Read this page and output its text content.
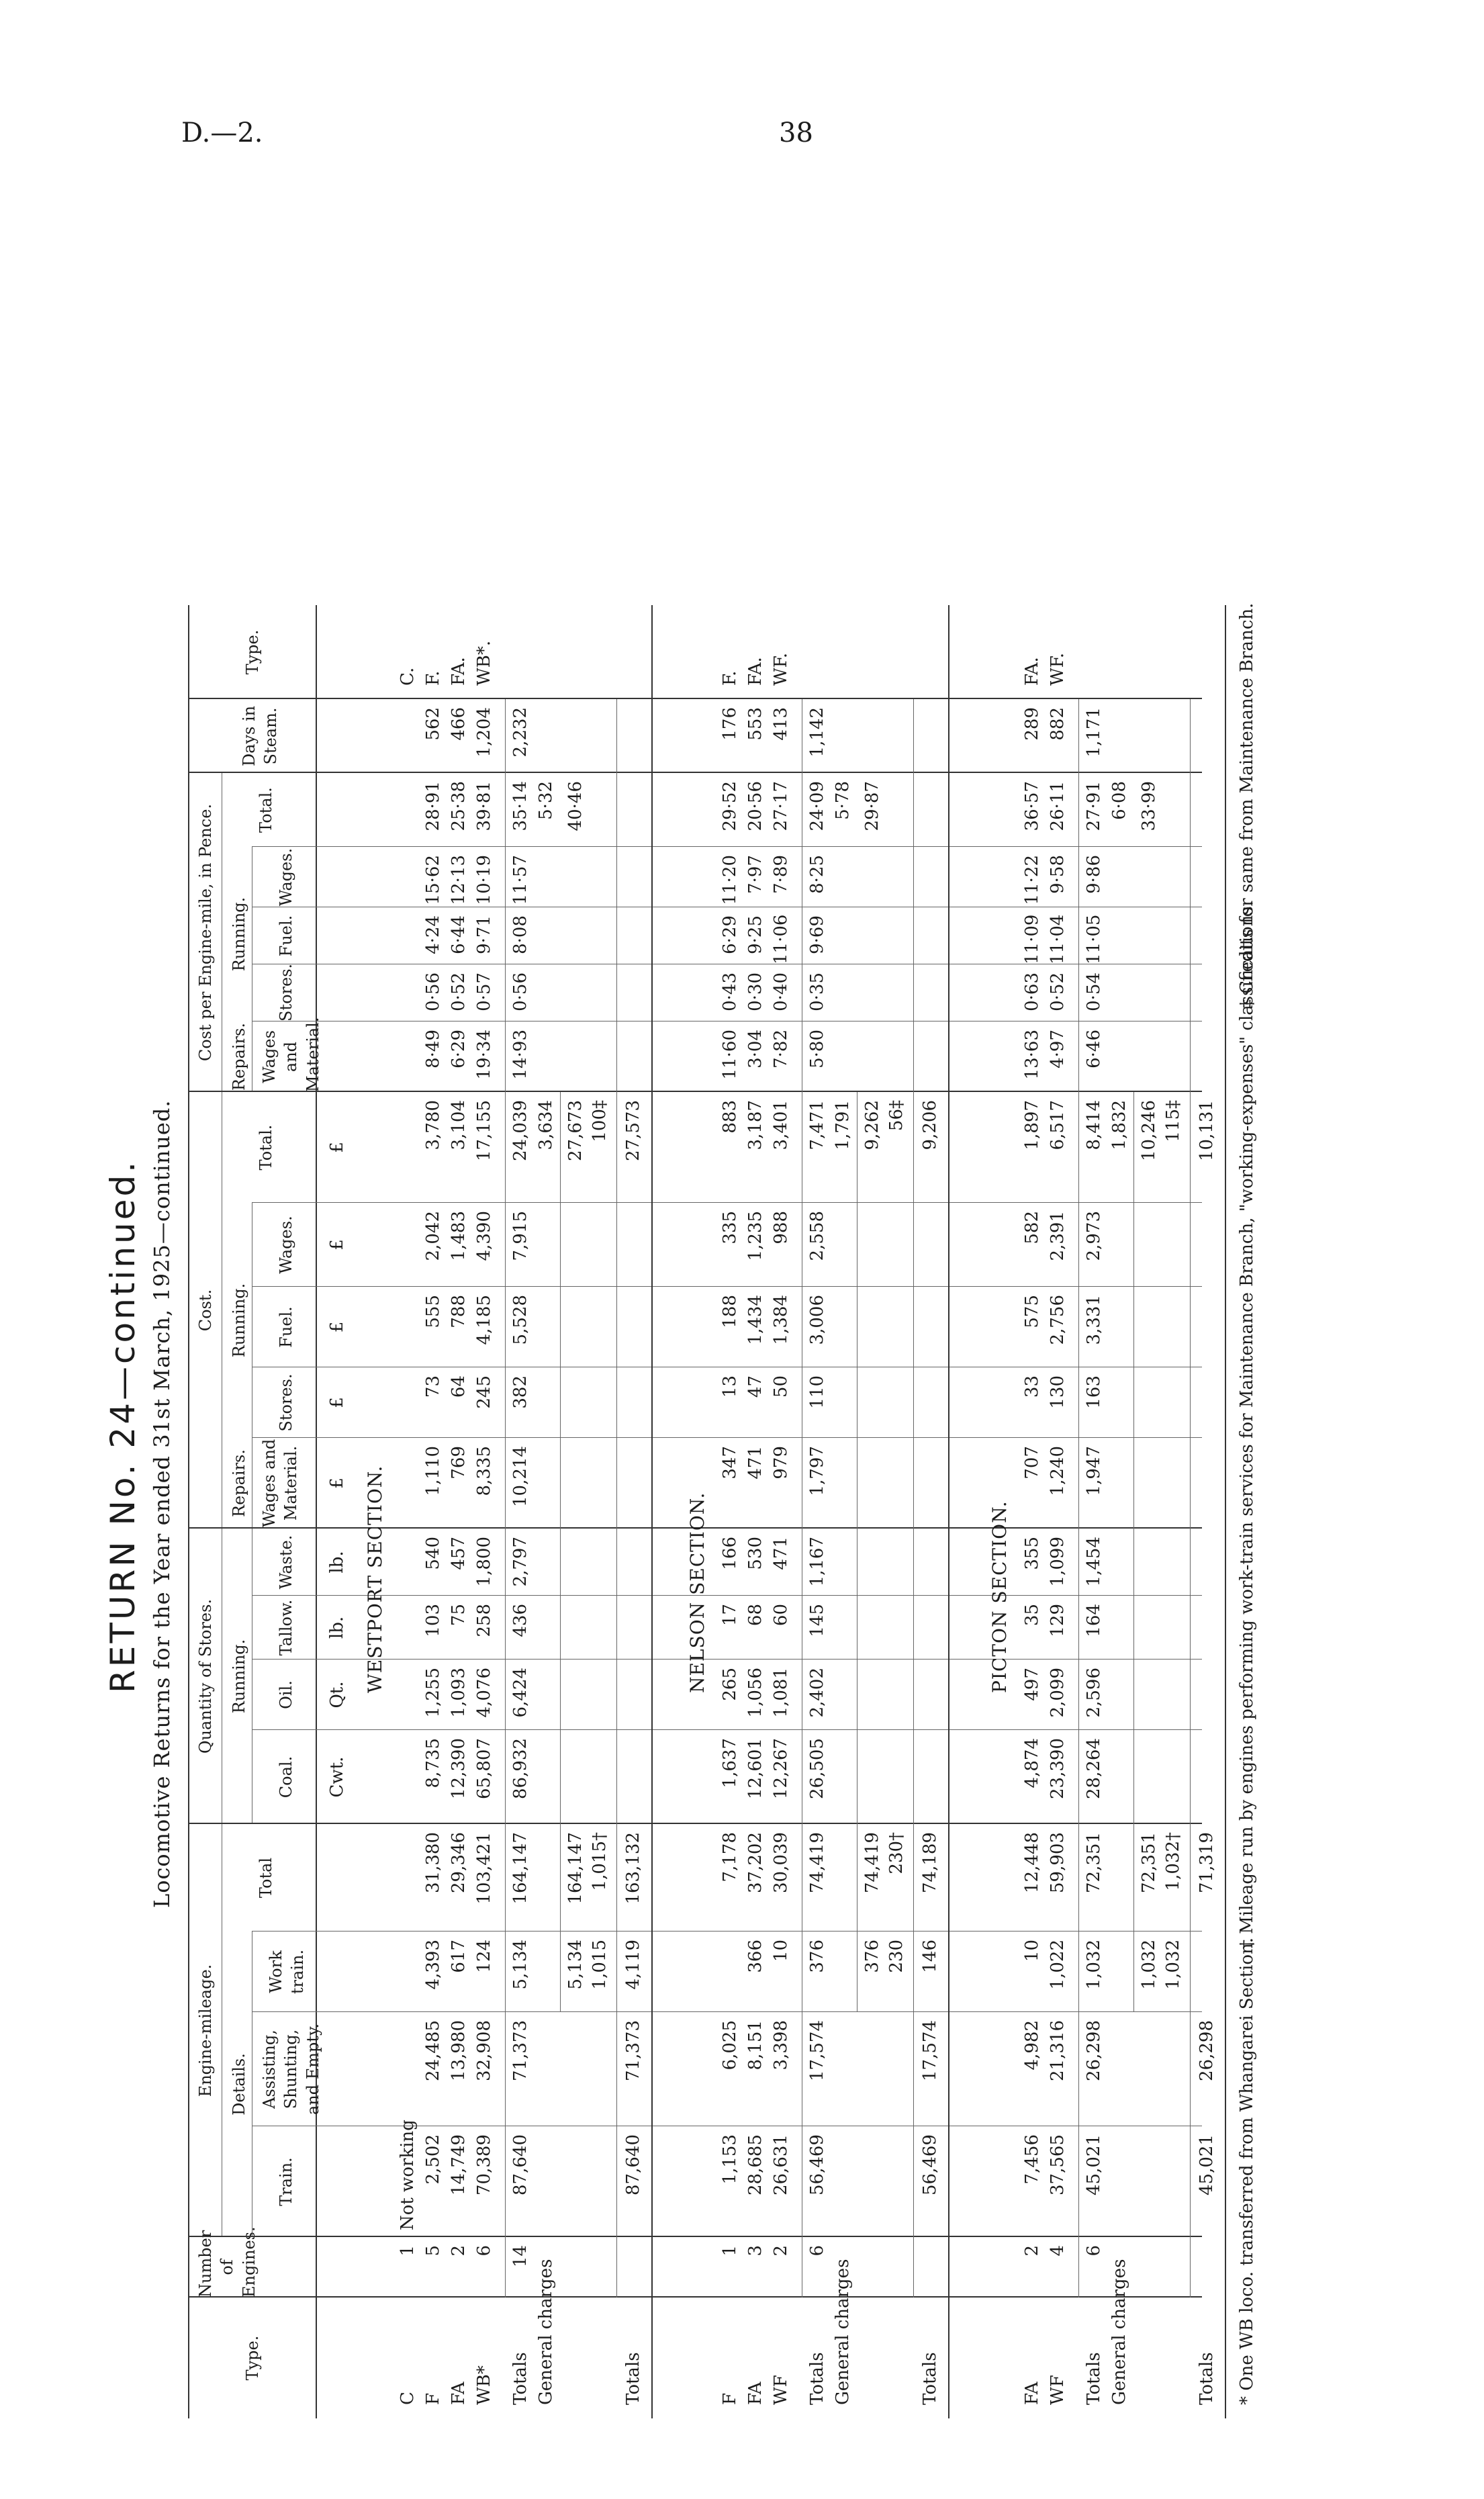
D.—2.	38
RETURN No. 24—continued. Locomotive Returns for the Year ended 31st March, 1925—continued.
Type.
Number of Engines.
Engine-mileage. Details.
Train.
Assisting, Shunting, and Empty.
Work train.
Total
Quantity of Stores. Running.
Coal.
Oil.
Tallow.
Waste.
Cost.
Repairs.
Running.
Wages and Material.
Stores.
Fuel.
Wages.
Total.
Cost per Engine-mile, in Pence. Repairs.
Running.
Wages and Material.
Stores.
Fuel.
Wages.
Total.
Days in Steam.
Type.
Cwt.
Qt.
lb.
lb.
£
£
£
£
£
WESTPORT SECTION.
C
1
Not working
C.
F
5
2,502
24,485
4,393
31,380
8,735
1,255
103
540
1,110
73
555
2,042
3,780
8·49
0·56
4·24
15·62
28·91
562
F.
FA
2
14,749
13,980
617
29,346
12,390
1,093
75
457
769
64
788
1,483
3,104
6·29
0·52
6·44
12·13
25·38
466
FA.
WB*
6
70,389
32,908
124
103,421
65,807
4,076
258
1,800
8,335
245
4,185
4,390
17,155
19·34
0·57
9·71
10·19
39·81
1,204
WB*.
Totals
14
87,640
71,373
5,134
164,147
86,932
6,424
436
2,797
10,214
382
5,528
7,915
24,039
14·93
0·56
8·08
11·57
35·14
2,232
General charges
3,634
5·32
5,134
164,147
27,673
40·46
1,015
1,015†
100‡
Totals
87,640
71,373
4,119
163,132
27,573
NELSON SECTION.
F
1
1,153
6,025
7,178
1,637
265
17
166
347
13
188
335
883
11·60
0·43
6·29
11·20
29·52
176
F.
FA
3
28,685
8,151
366
37,202
12,601
1,056
68
530
471
47
1,434
1,235
3,187
3·04
0·30
9·25
7·97
20·56
553
FA.
WF
2
26,631
3,398
10
30,039
12,267
1,081
60
471
979
50
1,384
988
3,401
7·82
0·40
11·06
7·89
27·17
413
WF.
Totals
6
56,469
17,574
376
74,419
26,505
2,402
145
1,167
1,797
110
3,006
2,558
7,471
5·80
0·35
9·69
8·25
24·09
1,142
General charges
1,791
5·78
376
74,419
9,262
29·87
230
230†
56‡
Totals
56,469
17,574
146
74,189
9,206
PICTON SECTION.
FA
2
7,456
4,982
10
12,448
4,874
497
35
355
707
33
575
582
1,897
13·63
0·63
11·09
11·22
36·57
289
FA.
WF
4
37,565
21,316
1,022
59,903
23,390
2,099
129
1,099
1,240
130
2,756
2,391
6,517
4·97
0·52
11·04
9·58
26·11
882
WF.
Totals
6
45,021
26,298
1,032
72,351
28,264
2,596
164
1,454
1,947
163
3,331
2,973
8,414
6·46
0·54
11·05
9·86
27·91
1,171
General charges
1,832
6·08
1,032
72,351
10,246
33·99
1,032
1,032†
115‡
Totals
45,021
26,298
71,319
10,131
* One WB loco. transferred from Whangarei Section.
† Mileage run by engines performing work-train services for Maintenance Branch, "working-expenses" classifications.
‡ Credits for same from Maintenance Branch.
